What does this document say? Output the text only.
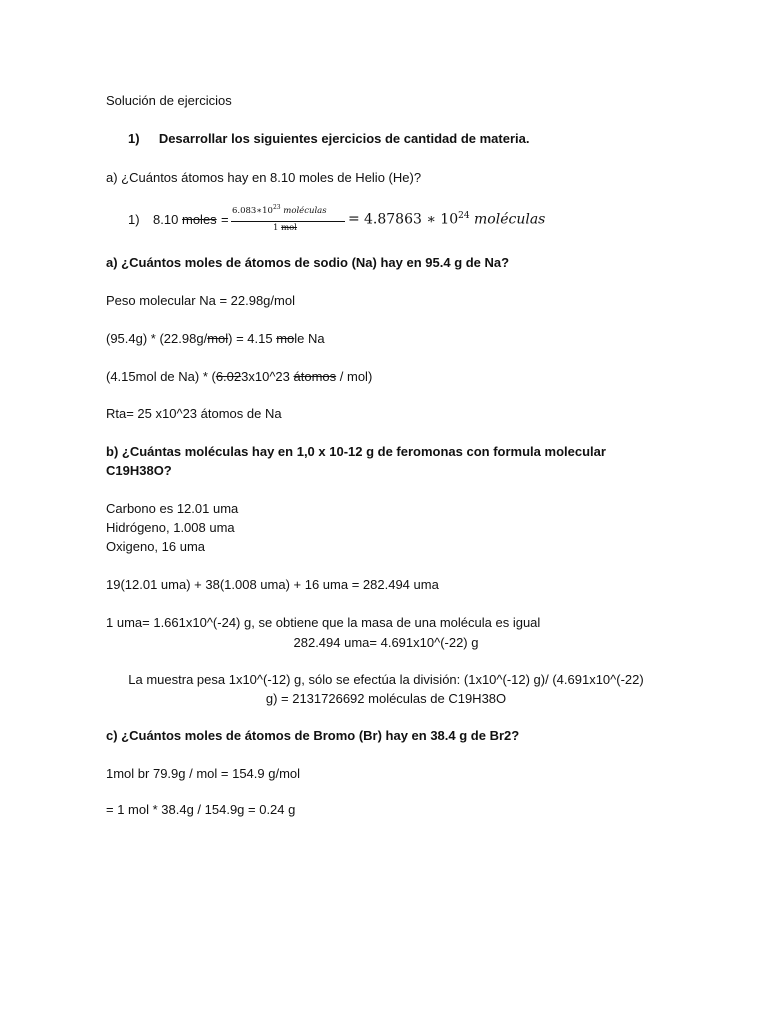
Solución de ejercicios
1) Desarrollar los siguientes ejercicios de cantidad de materia.
a) ¿Cuántos átomos hay en 8.10 moles de Helio (He)?
1) 8.10 moles =
$6.083∗10^{23}$ moléculas
1 mol
= 4.87863 ∗ $10^{24}$ moléculas
a) ¿Cuántos moles de átomos de sodio (Na) hay en 95.4 g de Na?
Peso molecular Na = 22.98g/mol
(95.4g) * (22.98g/mol) = 4.15 mole Na
(4.15mol de Na) * (6.023x10^23 átomos / mol)
Rta= 25 x10^23 átomos de Na
b) ¿Cuántas moléculas hay en 1,0 x 10-12 g de feromonas con formula molecular
C19H38O?
Carbono es 12.01 uma
Hidrógeno, 1.008 uma
Oxigeno, 16 uma
19(12.01 uma) + 38(1.008 uma) + 16 uma = 282.494 uma
1 uma= 1.661x10^(-24) g, se obtiene que la masa de una molécula es igual
282.494 uma= 4.691x10^(-22) g
La muestra pesa 1x10^(-12) g, sólo se efectúa la división: (1x10^(-12) g)/ (4.691x10^(-22)
g) = 2131726692 moléculas de C19H38O
c) ¿Cuántos moles de átomos de Bromo (Br) hay en 38.4 g de Br2?
1mol br 79.9g / mol = 154.9 g/mol
= 1 mol * 38.4g / 154.9g = 0.24 g
